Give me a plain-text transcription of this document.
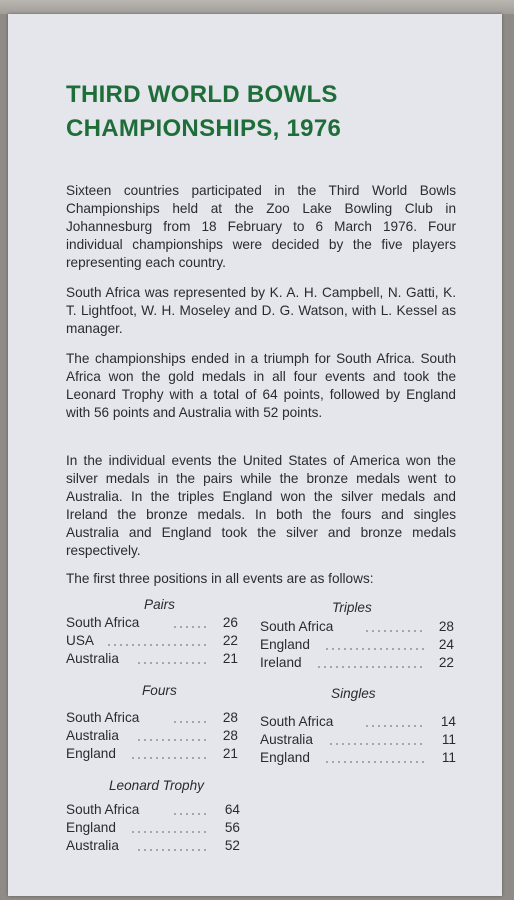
THIRD WORLD BOWLS
CHAMPIONSHIPS, 1976

Sixteen countries participated in the Third World Bowls Championships held at the Zoo Lake Bowling Club in Johannesburg from 18 February to 6 March 1976. Four individual championships were decided by the five players representing each country.

South Africa was represented by K. A. H. Campbell, N. Gatti, K. T. Lightfoot, W. H. Moseley and D. G. Watson, with L. Kessel as manager.

The championships ended in a triumph for South Africa. South Africa won the gold medals in all four events and took the Leonard Trophy with a total of 64 points, followed by England with 56 points and Australia with 52 points.

In the individual events the United States of America won the silver medals in the pairs while the bronze medals went to Australia. In the triples England won the silver medals and Ireland the bronze medals. In both the fours and singles Australia and England took the silver and bronze medals respectively.

The first three positions in all events are as follows:

Pairs
South Africa	26
USA	22
Australia	21
Triples
South Africa	28
England	24
Ireland	22
Fours
South Africa	28
Australia	28
England	21
Singles
South Africa	14
Australia	11
England	11
Leonard Trophy
South Africa	64
England	56
Australia	52
